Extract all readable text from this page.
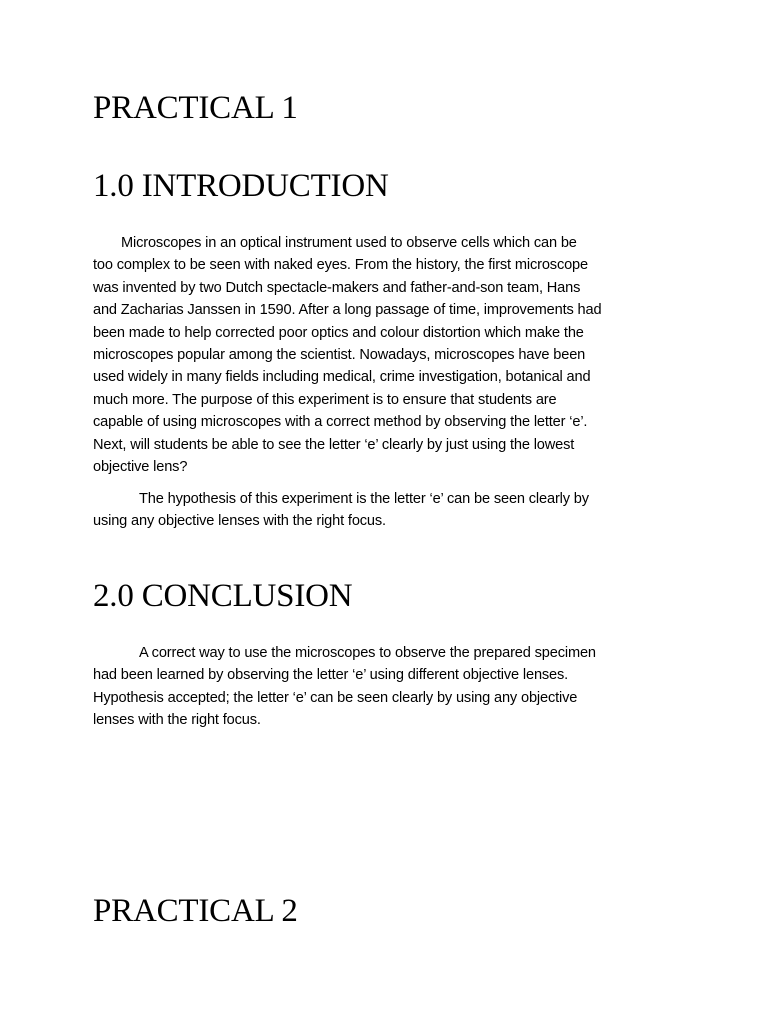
PRACTICAL 1
1.0 INTRODUCTION

Microscopes in an optical instrument used to observe cells which can be
too complex to be seen with naked eyes. From the history, the first microscope
was invented by two Dutch spectacle-makers and father-and-son team, Hans
and Zacharias Janssen in 1590. After a long passage of time, improvements had
been made to help corrected poor optics and colour distortion which make the
microscopes popular among the scientist. Nowadays, microscopes have been
used widely in many fields including medical, crime investigation, botanical and
much more. The purpose of this experiment is to ensure that students are
capable of using microscopes with a correct method by observing the letter ‘e’.
Next, will students be able to see the letter ‘e’ clearly by just using the lowest
objective lens?

The hypothesis of this experiment is the letter ‘e’ can be seen clearly by
using any objective lenses with the right focus.

2.0 CONCLUSION

A correct way to use the microscopes to observe the prepared specimen
had been learned by observing the letter ‘e’ using different objective lenses.
Hypothesis accepted; the letter ‘e’ can be seen clearly by using any objective
lenses with the right focus.

PRACTICAL 2
